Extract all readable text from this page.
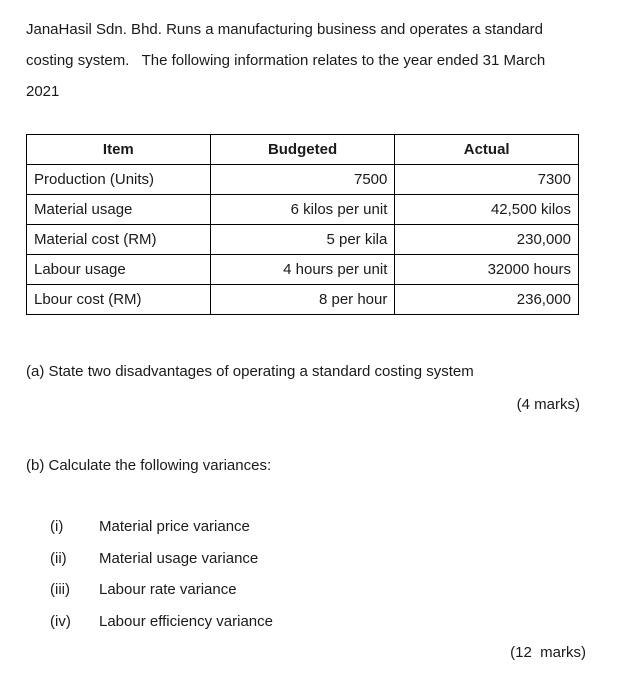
JanaHasil Sdn. Bhd. Runs a manufacturing business and operates a standard
costing system.   The following information relates to the year ended 31 March
2021
Item	Budgeted	Actual
Production (Units)	7500	7300
Material usage	6 kilos per unit	42,500 kilos
Material cost (RM)	5 per kila	230,000
Labour usage	4 hours per unit	32000 hours
Lbour cost (RM)	8 per hour	236,000

(a) State two disadvantages of operating a standard costing system

(4 marks)

(b) Calculate the following variances:

(i)	Material price variance
(ii)	Material usage variance
(iii)	Labour rate variance
(iv)	Labour efficiency variance

(12  marks)
